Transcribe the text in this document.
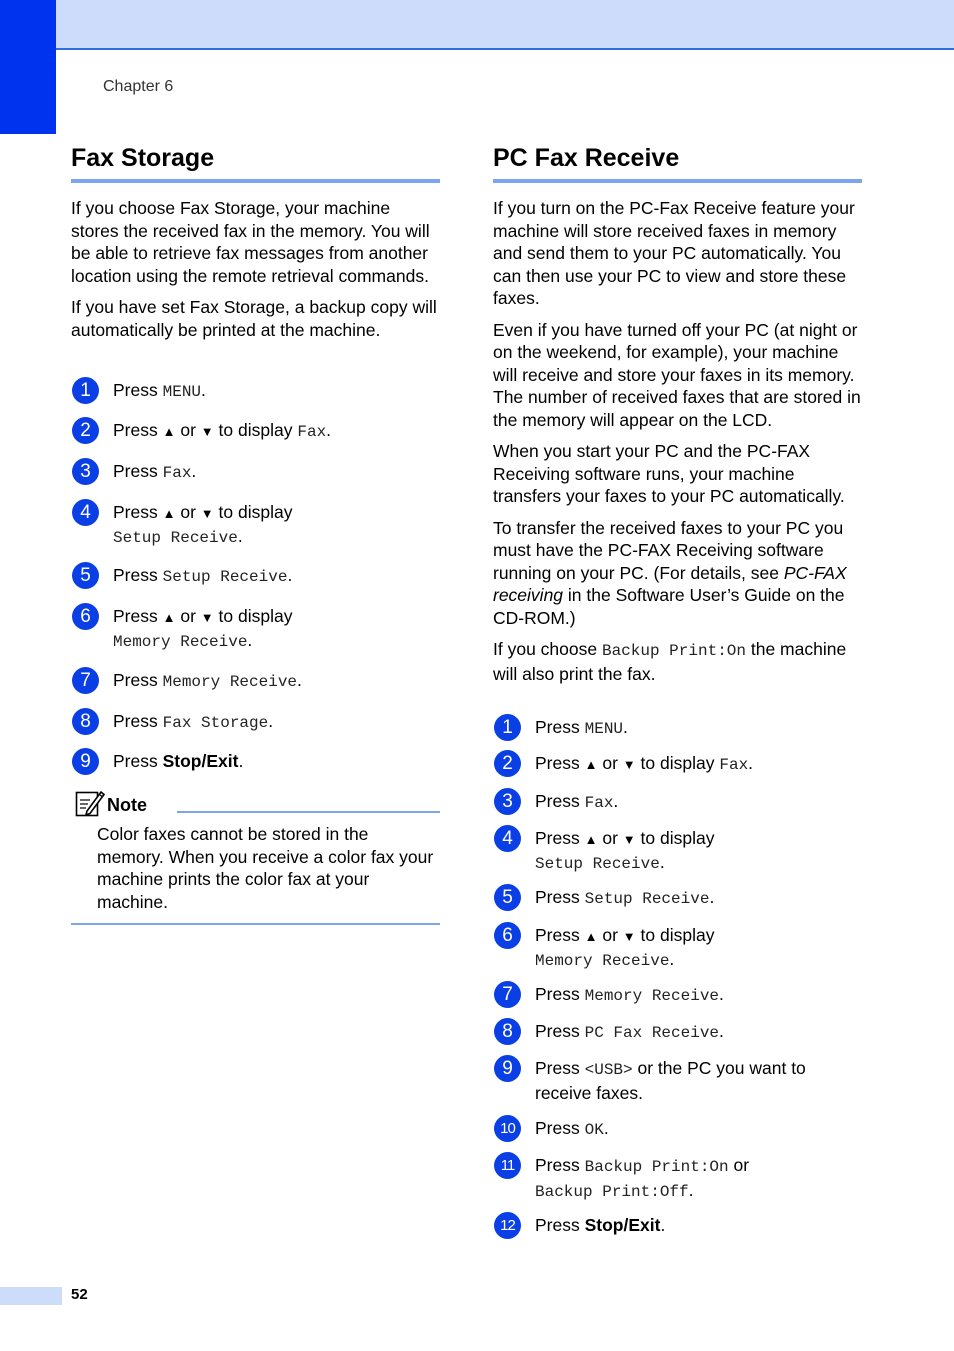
Chapter 6
Fax Storage

If you choose Fax Storage, your machine stores the received fax in the memory. You will be able to retrieve fax messages from another location using the remote retrieval commands.

If you have set Fax Storage, a backup copy will automatically be printed at the machine.

1	Press MENU.
2	Press ▲ or ▼ to display Fax.
3	Press Fax.
4	Press ▲ or ▼ to display
Setup Receive.
5	Press Setup Receive.
6	Press ▲ or ▼ to display
Memory Receive.
7	Press Memory Receive.
8	Press Fax Storage.
9	Press Stop/Exit.
Note
Color faxes cannot be stored in the memory. When you receive a color fax your machine prints the color fax at your machine.
PC Fax Receive

If you turn on the PC-Fax Receive feature your machine will store received faxes in memory and send them to your PC automatically. You can then use your PC to view and store these faxes.

Even if you have turned off your PC (at night or on the weekend, for example), your machine will receive and store your faxes in its memory. The number of received faxes that are stored in the memory will appear on the LCD.

When you start your PC and the PC-FAX Receiving software runs, your machine transfers your faxes to your PC automatically.

To transfer the received faxes to your PC you must have the PC-FAX Receiving software running on your PC. (For details, see PC-FAX receiving in the Software User’s Guide on the CD-ROM.)

If you choose Backup Print:On the machine will also print the fax.

1	Press MENU.
2	Press ▲ or ▼ to display Fax.
3	Press Fax.
4	Press ▲ or ▼ to display
Setup Receive.
5	Press Setup Receive.
6	Press ▲ or ▼ to display
Memory Receive.
7	Press Memory Receive.
8	Press PC Fax Receive.
9	Press <USB> or the PC you want to receive faxes.
10	Press OK.
11	Press Backup Print:On or
Backup Print:Off.
12	Press Stop/Exit.
52
